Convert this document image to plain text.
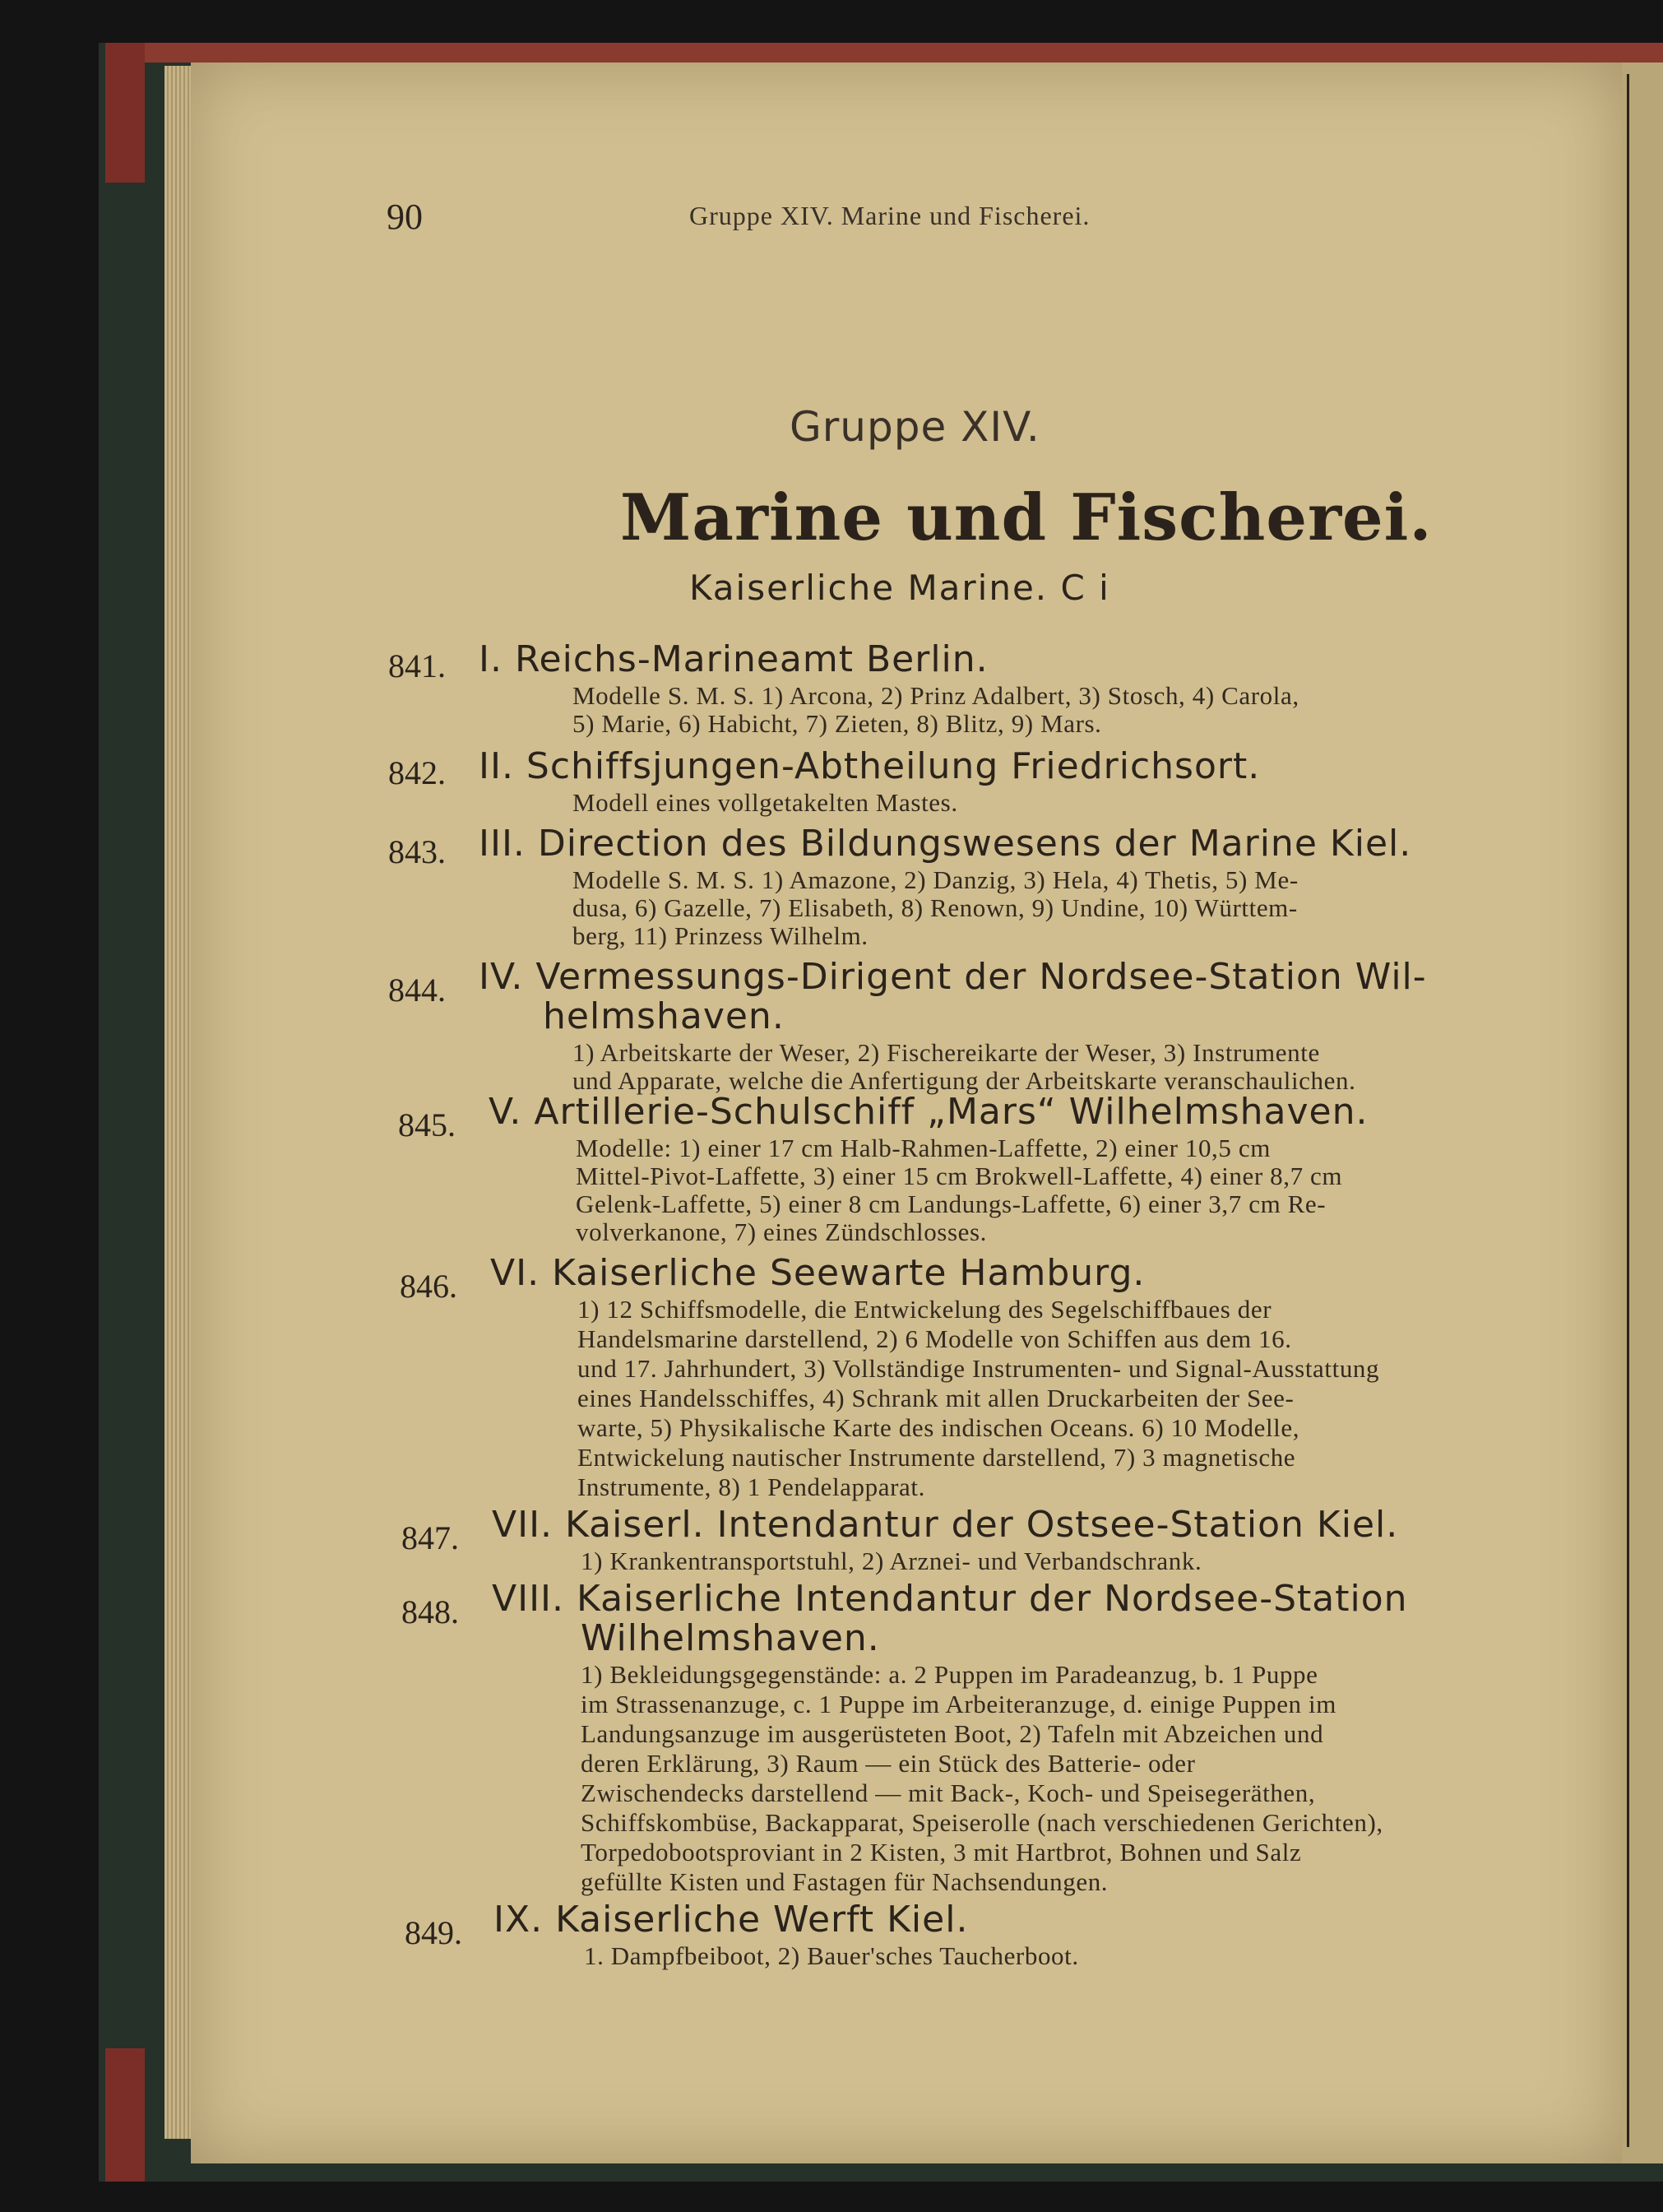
90	Gruppe XIV. Marine und Fischerei.
Gruppe XIV.
Marine und Fischerei.
Kaiserliche Marine. C i
841. I. Reichs-Marineamt Berlin.
Modelle S. M. S. 1) Arcona, 2) Prinz Adalbert, 3) Stosch, 4) Carola,
5) Marie, 6) Habicht, 7) Zieten, 8) Blitz, 9) Mars.
842. II. Schiffsjungen-Abtheilung Friedrichsort.
Modell eines vollgetakelten Mastes.
843. III. Direction des Bildungswesens der Marine Kiel.
Modelle S. M. S. 1) Amazone, 2) Danzig, 3) Hela, 4) Thetis, 5) Me-
dusa, 6) Gazelle, 7) Elisabeth, 8) Renown, 9) Undine, 10) Württem-
berg, 11) Prinzess Wilhelm.
844. IV. Vermessungs-Dirigent der Nordsee-Station Wil-
helmshaven.
1) Arbeitskarte der Weser, 2) Fischereikarte der Weser, 3) Instrumente
und Apparate, welche die Anfertigung der Arbeitskarte veranschaulichen.
845. V. Artillerie-Schulschiff „Mars“ Wilhelmshaven.
Modelle: 1) einer 17 cm Halb-Rahmen-Laffette, 2) einer 10,5 cm
Mittel-Pivot-Laffette, 3) einer 15 cm Brokwell-Laffette, 4) einer 8,7 cm
Gelenk-Laffette, 5) einer 8 cm Landungs-Laffette, 6) einer 3,7 cm Re-
volverkanone, 7) eines Zündschlosses.
846. VI. Kaiserliche Seewarte Hamburg.
1) 12 Schiffsmodelle, die Entwickelung des Segelschiffbaues der
Handelsmarine darstellend, 2) 6 Modelle von Schiffen aus dem 16.
und 17. Jahrhundert, 3) Vollständige Instrumenten- und Signal-Ausstattung
eines Handelsschiffes, 4) Schrank mit allen Druckarbeiten der See-
warte, 5) Physikalische Karte des indischen Oceans. 6) 10 Modelle,
Entwickelung nautischer Instrumente darstellend, 7) 3 magnetische
Instrumente, 8) 1 Pendelapparat.
847. VII. Kaiserl. Intendantur der Ostsee-Station Kiel.
1) Krankentransportstuhl, 2) Arznei- und Verbandschrank.
848. VIII. Kaiserliche Intendantur der Nordsee-Station
Wilhelmshaven.
1) Bekleidungsgegenstände: a. 2 Puppen im Paradeanzug, b. 1 Puppe
im Strassenanzuge, c. 1 Puppe im Arbeiteranzuge, d. einige Puppen im
Landungsanzuge im ausgerüsteten Boot, 2) Tafeln mit Abzeichen und
deren Erklärung, 3) Raum — ein Stück des Batterie- oder
Zwischendecks darstellend — mit Back-, Koch- und Speisegeräthen,
Schiffskombüse, Backapparat, Speiserolle (nach verschiedenen Gerichten),
Torpedobootsproviant in 2 Kisten, 3 mit Hartbrot, Bohnen und Salz
gefüllte Kisten und Fastagen für Nachsendungen.
849. IX. Kaiserliche Werft Kiel.
1. Dampfbeiboot, 2) Bauer'sches Taucherboot.
